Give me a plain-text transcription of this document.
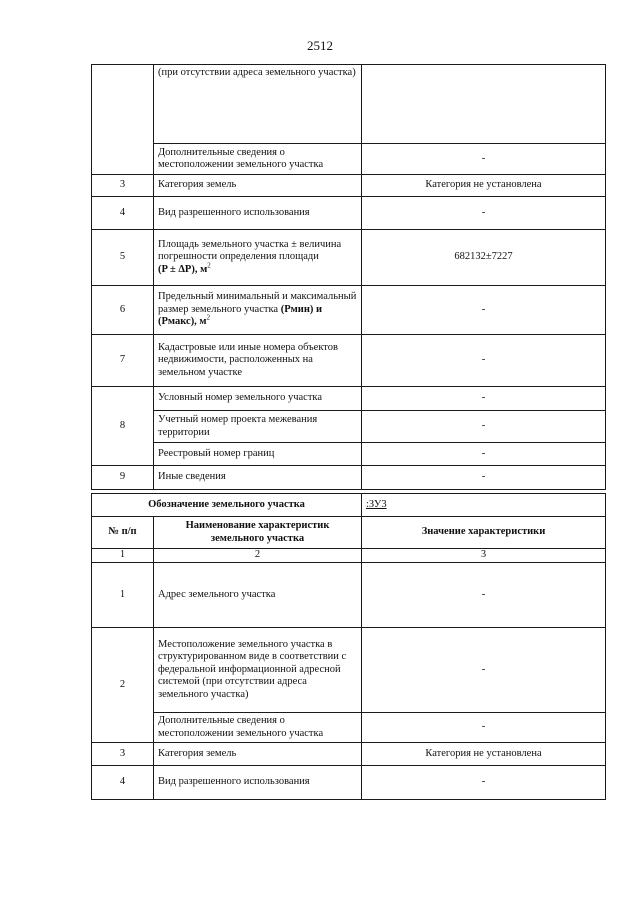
2512
	(при отсутствии адреса земельного участка)	
	Дополнительные сведения о местоположении земельного участка	-
3	Категория земель	Категория не установлена
4	Вид разрешенного использования	-
5	Площадь земельного участка ± величина погрешности определения площади
(P ± ΔP), $м^2$	682132±7227
6	Предельный минимальный и максимальный размер земельного участка (Pмин) и (Pмакс), $м^2$	-
7	Кадастровые или иные номера объектов недвижимости, расположенных на земельном участке	-
8	Условный номер земельного участка	-
	Учетный номер проекта межевания территории	-
	Реестровый номер границ	-
9	Иные сведения	-
Обозначение земельного участка		:ЗУ3
№ п/п	Наименование характеристик земельного участка	Значение характеристики
1	2	3
1	Адрес земельного участка	-
2	Местоположение земельного участка в структурированном виде в соответствии с федеральной информационной адресной системой (при отсутствии адреса земельного участка)	-
	Дополнительные сведения о местоположении земельного участка	-
3	Категория земель	Категория не установлена
4	Вид разрешенного использования	-
